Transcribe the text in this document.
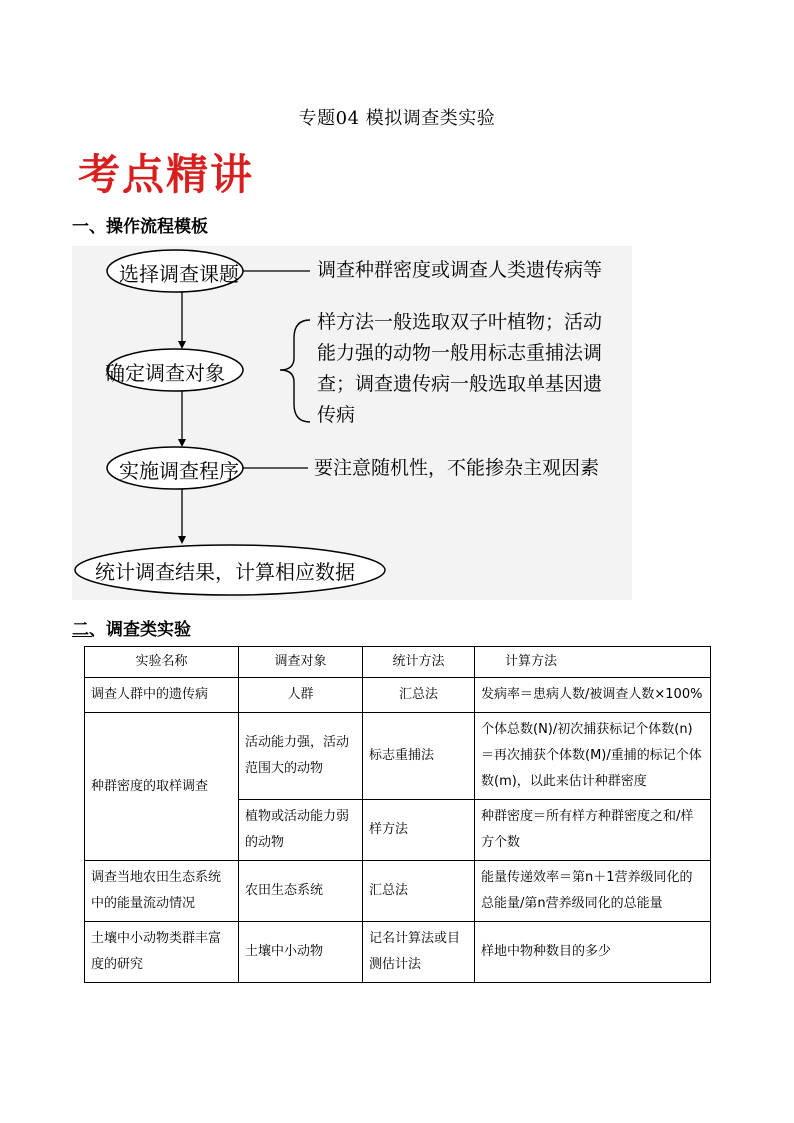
专题04 模拟调查类实验
考点精讲
一、操作流程模板
选择调查课题
确定调查对象
实施调查程序
统计调查结果，计算相应数据
调查种群密度或调查人类遗传病等
样方法一般选取双子叶植物；活动
能力强的动物一般用标志重捕法调
查；调查遗传病一般选取单基因遗
传病
要注意随机性，不能掺杂主观因素
二、调查类实验
实验名称	调查对象	统计方法	计算方法
调查人群中的遗传病	人群	汇总法	发病率＝患病人数/被调查人数×100%
种群密度的取样调查	活动能力强，活动范围大的动物	标志重捕法	个体总数(N)/初次捕获标记个体数(n)＝再次捕获个体数(M)/重捕的标记个体数(m)，以此来估计种群密度
	植物或活动能力弱的动物	样方法	种群密度＝所有样方种群密度之和/样方个数
调查当地农田生态系统中的能量流动情况	农田生态系统	汇总法	能量传递效率＝第n＋1营养级同化的总能量/第n营养级同化的总能量
土壤中小动物类群丰富度的研究	土壤中小动物	记名计算法或目测估计法	样地中物种数目的多少
